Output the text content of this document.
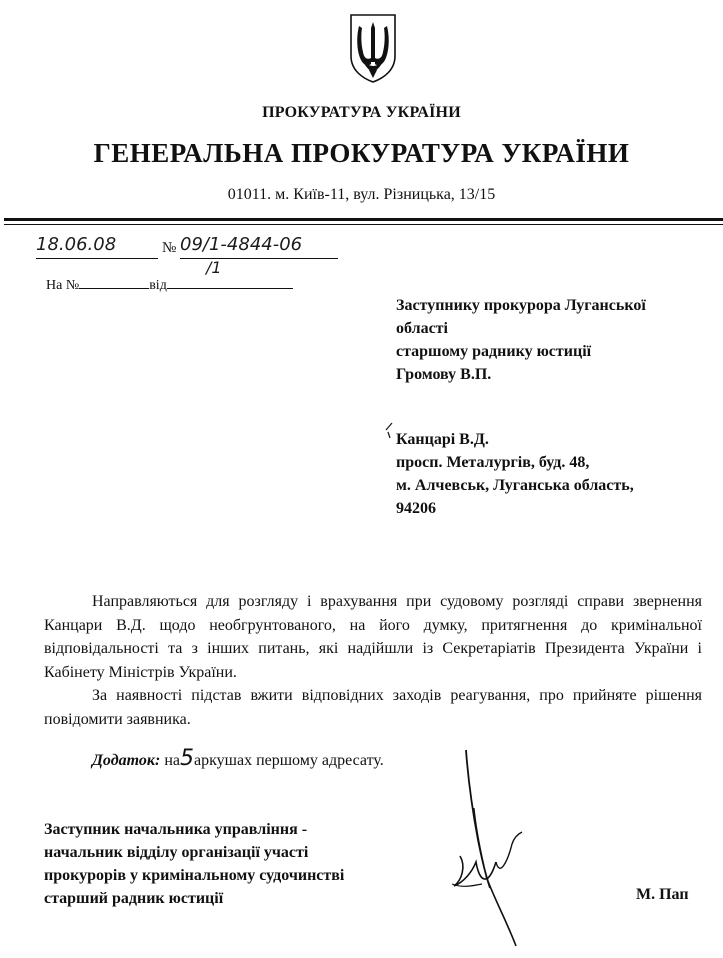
ПРОКУРАТУРА УКРАЇНИ
ГЕНЕРАЛЬНА ПРОКУРАТУРА УКРАЇНИ
01011. м. Київ-11, вул. Різницька, 13/15
18.06.08	№ 09/1-4844-06
/1
На №	від
Заступнику прокурора Луганської
області
старшому раднику юстиції
Громову В.П.
Канцарі В.Д.
просп. Металургів, буд. 48,
м. Алчевськ, Луганська область,
94206

Направляються для розгляду і врахування при судовому розгляді справи звернення Канцари В.Д. щодо необгрунтованого, на його думку, притягнення до кримінальної відповідальності та з інших питань, які надійшли із Секретаріатів Президента України і Кабінету Міністрів України.

За наявності підстав вжити відповідних заходів реагування, про прийняте рішення повідомити заявника.

Додаток: на5аркушах першому адресату.
Заступник начальника управління -
начальник відділу організації участі
прокурорів у кримінальному судочинстві
старший радник юстиції	М. Пап
